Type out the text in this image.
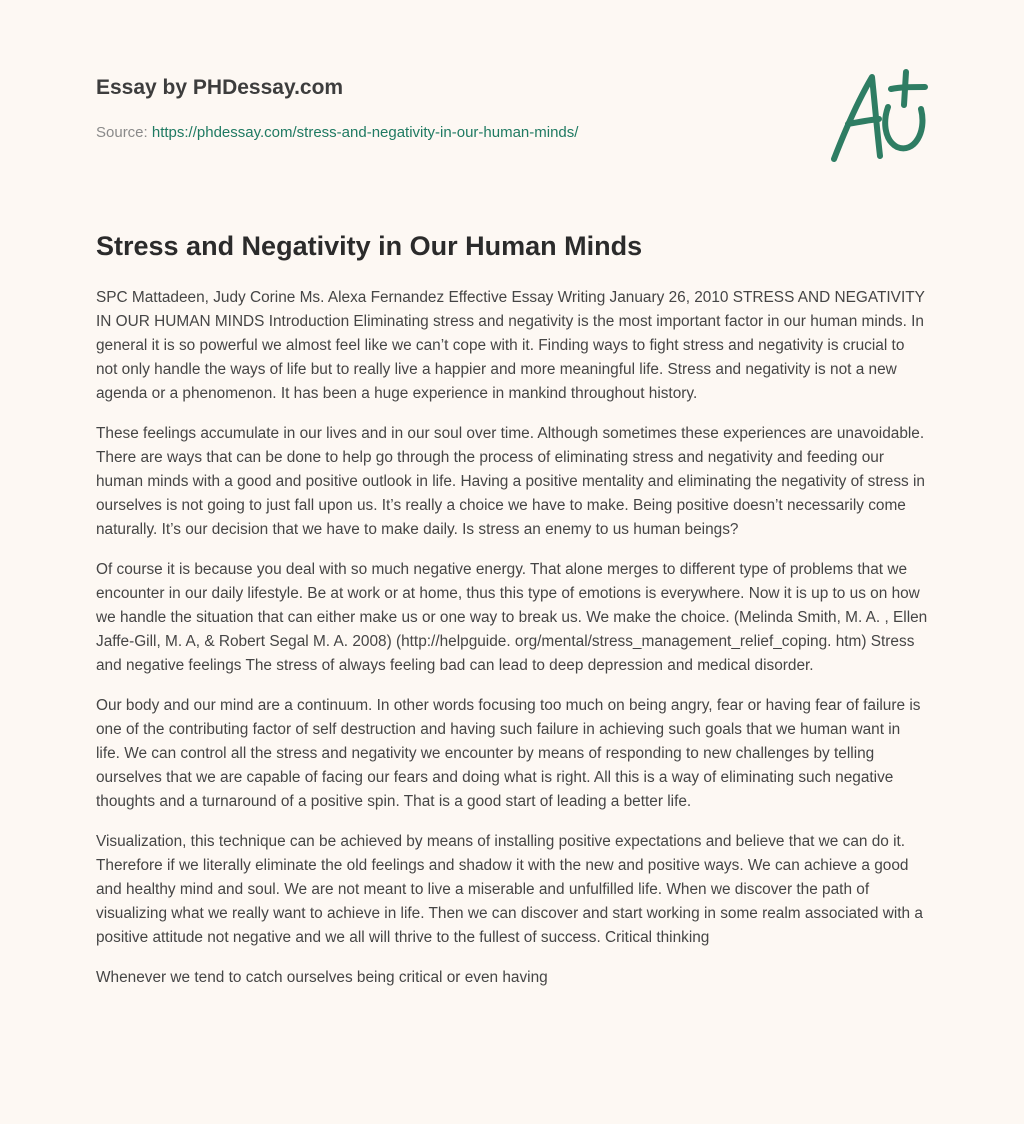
Essay by PHDessay.com
Source: https://phdessay.com/stress-and-negativity-in-our-human-minds/
Stress and Negativity in Our Human Minds

SPC Mattadeen, Judy Corine Ms. Alexa Fernandez Effective Essay Writing January 26, 2010 STRESS AND NEGATIVITY IN OUR HUMAN MINDS Introduction Eliminating stress and negativity is the most important factor in our human minds. In general it is so powerful we almost feel like we can’t cope with it. Finding ways to fight stress and negativity is crucial to not only handle the ways of life but to really live a happier and more meaningful life. Stress and negativity is not a new agenda or a phenomenon. It has been a huge experience in mankind throughout history.

These feelings accumulate in our lives and in our soul over time. Although sometimes these experiences are unavoidable. There are ways that can be done to help go through the process of eliminating stress and negativity and feeding our human minds with a good and positive outlook in life. Having a positive mentality and eliminating the negativity of stress in ourselves is not going to just fall upon us. It’s really a choice we have to make. Being positive doesn’t necessarily come naturally. It’s our decision that we have to make daily. Is stress an enemy to us human beings?

Of course it is because you deal with so much negative energy. That alone merges to different type of problems that we encounter in our daily lifestyle. Be at work or at home, thus this type of emotions is everywhere. Now it is up to us on how we handle the situation that can either make us or one way to break us. We make the choice. (Melinda Smith, M. A. , Ellen Jaffe-Gill, M. A, & Robert Segal M. A. 2008) (http://helpguide. org/mental/stress_management_relief_coping. htm) Stress and negative feelings The stress of always feeling bad can lead to deep depression and medical disorder.

Our body and our mind are a continuum. In other words focusing too much on being angry, fear or having fear of failure is one of the contributing factor of self destruction and having such failure in achieving such goals that we human want in life. We can control all the stress and negativity we encounter by means of responding to new challenges by telling ourselves that we are capable of facing our fears and doing what is right. All this is a way of eliminating such negative thoughts and a turnaround of a positive spin. That is a good start of leading a better life.

Visualization, this technique can be achieved by means of installing positive expectations and believe that we can do it. Therefore if we literally eliminate the old feelings and shadow it with the new and positive ways. We can achieve a good and healthy mind and soul. We are not meant to live a miserable and unfulfilled life. When we discover the path of visualizing what we really want to achieve in life. Then we can discover and start working in some realm associated with a positive attitude not negative and we all will thrive to the fullest of success. Critical thinking

Whenever we tend to catch ourselves being critical or even having
